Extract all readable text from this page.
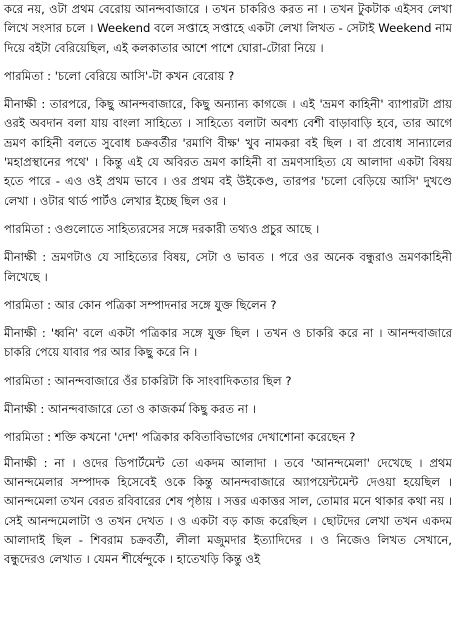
করে নয়, ওটা প্রথম বেরোয় আনন্দবাজারে । তখন চাকরিও করত না । তখন টুকটাক এইসব লেখা লিখে সংসার চলে । Weekend বলে সপ্তাহে সপ্তাহে একটা লেখা লিখত - সেটাই Weekend নাম দিয়ে বইটা বেরিয়েছিল, এই কলকাতার আশে পাশে ঘোরা-টোরা নিয়ে ।

পারমিতা : 'চলো বেরিয়ে আসি'-টা কখন বেরোয় ?

মীনাক্ষী : তারপরে, কিছু আনন্দবাজারে, কিছু অন্যান্য কাগজে । এই 'ভ্রমণ কাহিনী' ব্যাপারটা প্রায় ওরই অবদান বলা যায় বাংলা সাহিত্যে । সাহিত্যে বলাটা অবশ্য বেশী বাড়াবাড়ি হবে, তার আগে ভ্রমণ কাহিনী বলতে সুবোধ চক্রবর্তীর 'রমাণি বীক্ষ' খুব নামকরা বই ছিল । বা প্রবোধ সান্যালের 'মহাপ্রস্থানের পথে' । কিন্তু এই যে অবিরত ভ্রমণ কাহিনী বা ভ্রমণসাহিত্য যে আলাদা একটা বিষয় হতে পারে - এও ওই প্রথম ভাবে । ওর প্রথম বই উইকেণ্ড, তারপর 'চলো বেড়িয়ে আসি' দুখণ্ডে লেখা । ওটার থার্ড পার্টও লেখার ইচ্ছে ছিল ওর ।

পারমিতা : ওগুলোতে সাহিত্যরসের সঙ্গে দরকারী তথ্যও প্রচুর আছে ।

মীনাক্ষী : ভ্রমণটাও যে সাহিত্যের বিষয়, সেটা ও ভাবত । পরে ওর অনেক বন্ধুরাও ভ্রমণকাহিনী লিখেছে ।

পারমিতা : আর কোন পত্রিকা সম্পাদনার সঙ্গে যুক্ত ছিলেন ?

মীনাক্ষী : 'ধ্বনি' বলে একটা পত্রিকার সঙ্গে যুক্ত ছিল । তখন ও চাকরি করে না । আনন্দবাজারে চাকরি পেয়ে যাবার পর আর কিছু করে নি ।

পারমিতা : আনন্দবাজারে ওঁর চাকরিটা কি সাংবাদিকতার ছিল ?

মীনাক্ষী : আনন্দবাজারে তো ও কাজকর্ম কিছু করত না ।

পারমিতা : শক্তি কখনো 'দেশ' পত্রিকার কবিতাবিভাগের দেখাশোনা করেছেন ?

মীনাক্ষী : না । ওদের ডিপার্টমেন্ট তো একদম আলাদা । তবে 'আনন্দমেলা' দেখেছে । প্রথম আনন্দমেলার সম্পাদক হিসেবেই ওকে কিন্তু আনন্দবাজারে অ্যাপয়েন্টমেন্ট দেওয়া হয়েছিল । আনন্দমেলা তখন বেরত রবিবারের শেষ পৃষ্ঠায় । সত্তর একাত্তর সাল, তোমার মনে থাকার কথা নয় । সেই আনন্দমেলাটা ও তখন দেখত । ও একটা বড় কাজ করেছিল । ছোটদের লেখা তখন একদম আলাদাই ছিল - শিবরাম চক্রবর্তী, লীলা মজুমদার ইত্যাদিদের । ও নিজেও লিখত সেখানে, বন্ধুদেরও লেখাত । যেমন শীর্ষেন্দুকে । হাতেখড়ি কিন্তু ওই
